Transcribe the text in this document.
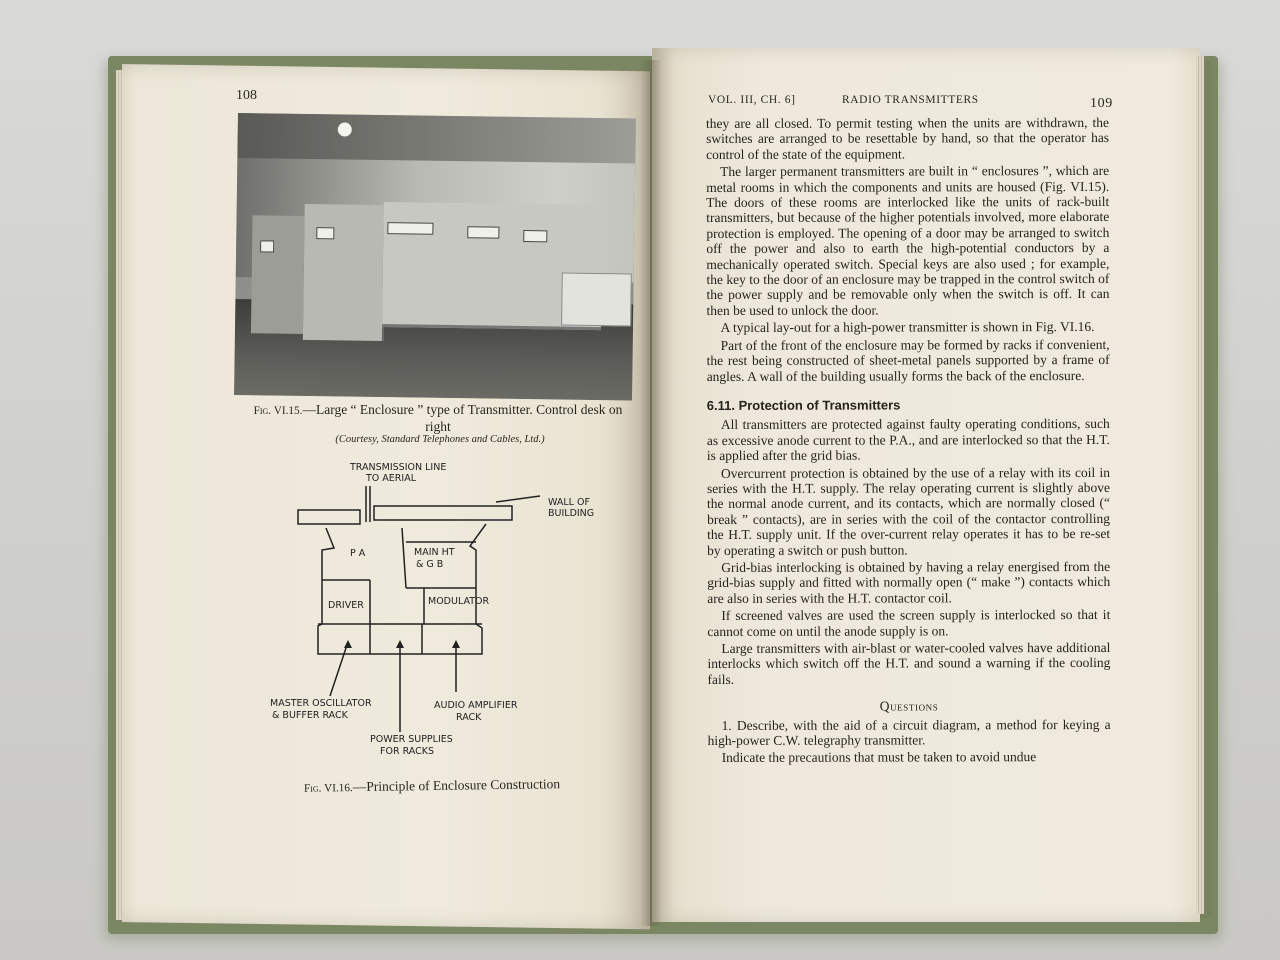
108
Fig. VI.15.—Large “ Enclosure ” type of Transmitter. Control desk on right
(Courtesy, Standard Telephones and Cables, Ltd.)
TRANSMISSION LINE
TO AERIAL
WALL OF
BUILDING
P A	MAIN HT
& G B
DRIVER	MODULATOR
MASTER OSCILLATOR
& BUFFER RACK
AUDIO AMPLIFIER
RACK
POWER SUPPLIES
FOR RACKS
Fig. VI.16.—Principle of Enclosure Construction
VOL. III, CH. 6]	RADIO TRANSMITTERS	109

they are all closed. To permit testing when the units are withdrawn, the switches are arranged to be resettable by hand, so that the operator has control of the state of the equipment.

The larger permanent transmitters are built in “ enclosures ”, which are metal rooms in which the components and units are housed (Fig. VI.15). The doors of these rooms are interlocked like the units of rack-built transmitters, but because of the higher potentials involved, more elaborate protection is employed. The opening of a door may be arranged to switch off the power and also to earth the high-potential conductors by a mechanically operated switch. Special keys are also used ; for example, the key to the door of an enclosure may be trapped in the control switch of the power supply and be removable only when the switch is off. It can then be used to unlock the door.

A typical lay-out for a high-power transmitter is shown in Fig. VI.16.

Part of the front of the enclosure may be formed by racks if convenient, the rest being constructed of sheet-metal panels supported by a frame of angles. A wall of the building usually forms the back of the enclosure.

6.11. Protection of Transmitters

All transmitters are protected against faulty operating conditions, such as excessive anode current to the P.A., and are interlocked so that the H.T. is applied after the grid bias.

Overcurrent protection is obtained by the use of a relay with its coil in series with the H.T. supply. The relay operating current is slightly above the normal anode current, and its contacts, which are normally closed (“ break ” contacts), are in series with the coil of the contactor controlling the H.T. supply unit. If the over-current relay operates it has to be re-set by operating a switch or push button.

Grid-bias interlocking is obtained by having a relay energised from the grid-bias supply and fitted with normally open (“ make ”) contacts which are also in series with the H.T. contactor coil.

If screened valves are used the screen supply is interlocked so that it cannot come on until the anode supply is on.

Large transmitters with air-blast or water-cooled valves have additional interlocks which switch off the H.T. and sound a warning if the cooling fails.

Questions

1. Describe, with the aid of a circuit diagram, a method for keying a high-power C.W. telegraphy transmitter.

Indicate the precautions that must be taken to avoid undue
